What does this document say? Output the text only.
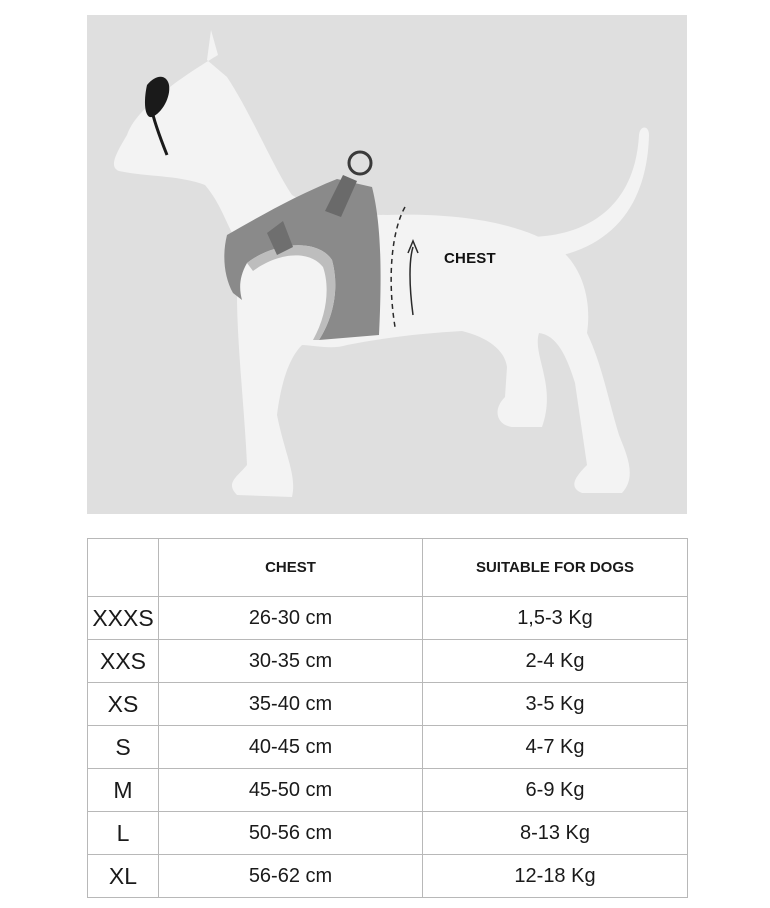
CHEST
	CHEST	SUITABLE FOR DOGS
XXXS	26-30 cm	1,5-3 Kg
XXS	30-35 cm	2-4 Kg
XS	35-40 cm	3-5 Kg
S	40-45 cm	4-7 Kg
M	45-50 cm	6-9 Kg
L	50-56 cm	8-13 Kg
XL	56-62 cm	12-18 Kg
